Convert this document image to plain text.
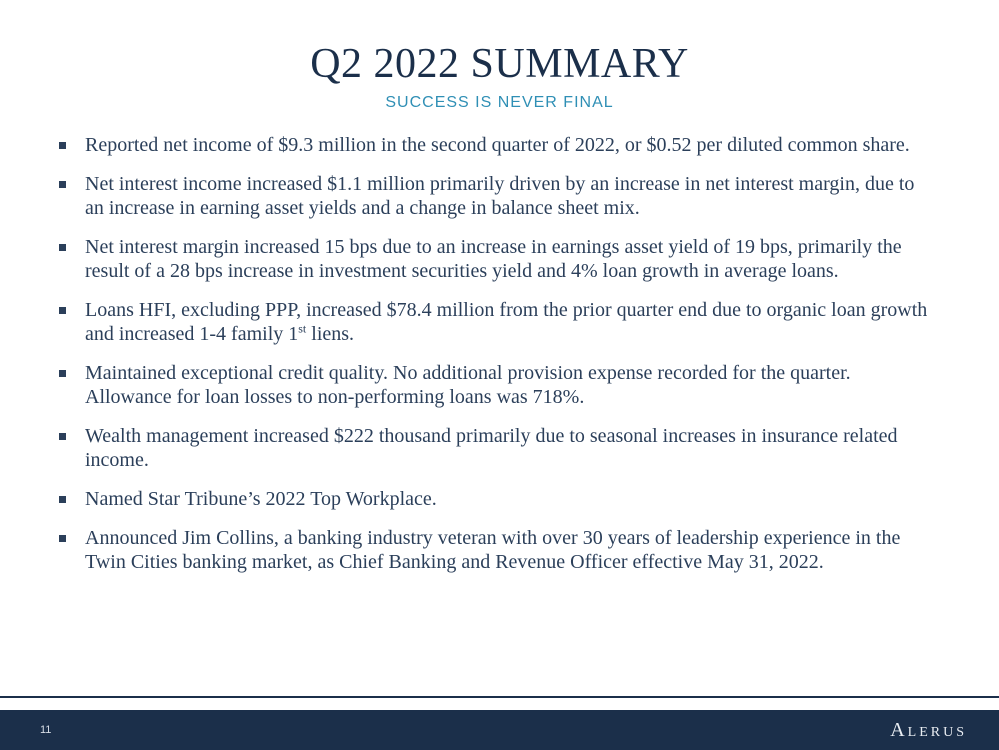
Q2 2022 SUMMARY
SUCCESS IS NEVER FINAL
Reported net income of $9.3 million in the second quarter of 2022, or $0.52 per diluted common share.
Net interest income increased $1.1 million primarily driven by an increase in net interest margin, due to an increase in earning asset yields and a change in balance sheet mix.
Net interest margin increased 15 bps due to an increase in earnings asset yield of 19 bps, primarily the result of a 28 bps increase in investment securities yield and 4% loan growth in average loans.
Loans HFI, excluding PPP, increased $78.4 million from the prior quarter end due to organic loan growth and increased 1-4 family 1st liens.
Maintained exceptional credit quality. No additional provision expense recorded for the quarter. Allowance for loan losses to non-performing loans was 718%.
Wealth management increased $222 thousand primarily due to seasonal increases in insurance related income.
Named Star Tribune’s 2022 Top Workplace.
Announced Jim Collins, a banking industry veteran with over 30 years of leadership experience in the Twin Cities banking market, as Chief Banking and Revenue Officer effective May 31, 2022.
11	Alerus
